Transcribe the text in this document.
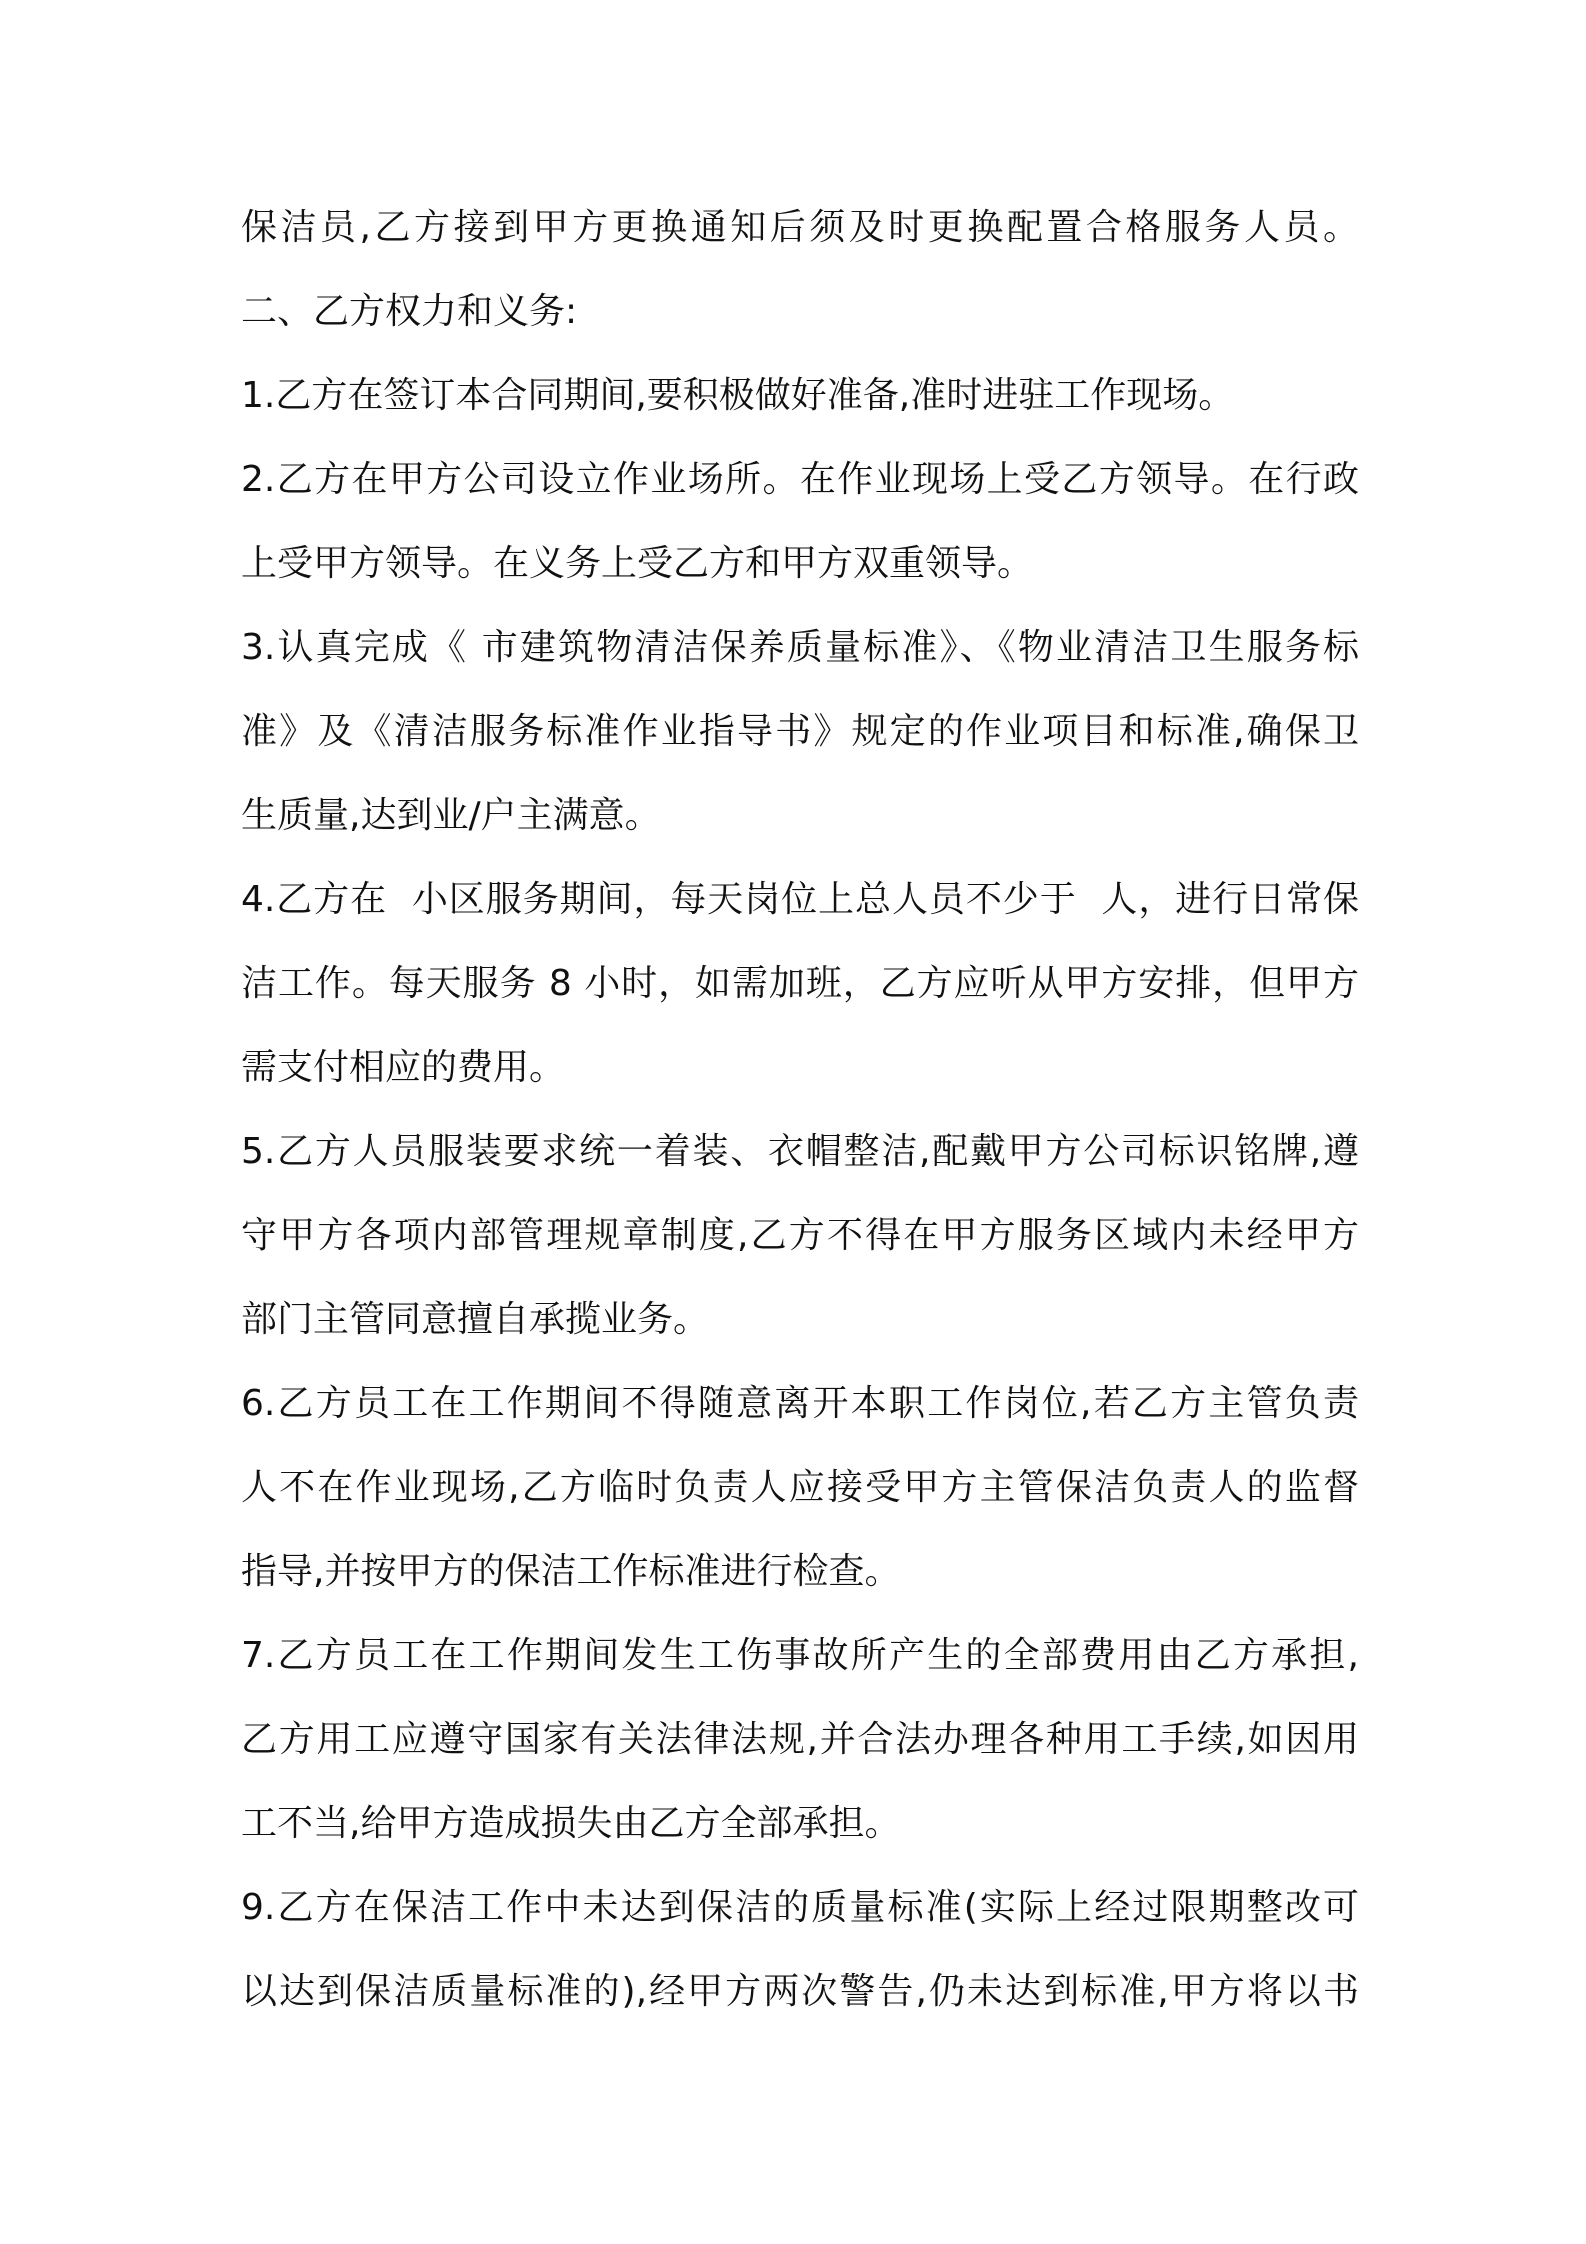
保洁员,乙方接到甲方更换通知后须及时更换配置合格服务人员。
二、乙方权力和义务:
1.乙方在签订本合同期间,要积极做好准备,准时进驻工作现场。
2.乙方在甲方公司设立作业场所。在作业现场上受乙方领导。在行政
上受甲方领导。在义务上受乙方和甲方双重领导。
3.认真完成《 市建筑物清洁保养质量标准》、《物业清洁卫生服务标
准》及《清洁服务标准作业指导书》规定的作业项目和标准,确保卫
生质量,达到业/户主满意。
4.乙方在  小区服务期间，每天岗位上总人员不少于  人，进行日常保
洁工作。每天服务 8 小时，如需加班，乙方应听从甲方安排，但甲方
需支付相应的费用。
5.乙方人员服装要求统一着装、衣帽整洁,配戴甲方公司标识铭牌,遵
守甲方各项内部管理规章制度,乙方不得在甲方服务区域内未经甲方
部门主管同意擅自承揽业务。
6.乙方员工在工作期间不得随意离开本职工作岗位,若乙方主管负责
人不在作业现场,乙方临时负责人应接受甲方主管保洁负责人的监督
指导,并按甲方的保洁工作标准进行检查。
7.乙方员工在工作期间发生工伤事故所产生的全部费用由乙方承担,
乙方用工应遵守国家有关法律法规,并合法办理各种用工手续,如因用
工不当,给甲方造成损失由乙方全部承担。
9.乙方在保洁工作中未达到保洁的质量标准(实际上经过限期整改可
以达到保洁质量标准的),经甲方两次警告,仍未达到标准,甲方将以书
